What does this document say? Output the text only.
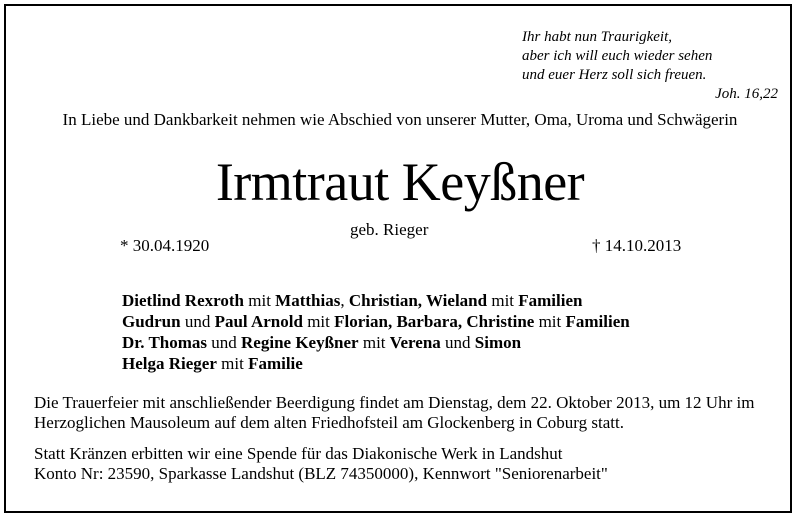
Ihr habt nun Traurigkeit,
aber ich will euch wieder sehen
und euer Herz soll sich freuen.
Joh. 16,22
In Liebe und Dankbarkeit nehmen wie Abschied von unserer Mutter, Oma, Uroma und Schwägerin
Irmtraut Keyßner
geb. Rieger
* 30.04.1920	† 14.10.2013
Dietlind Rexroth mit Matthias, Christian, Wieland mit Familien
Gudrun und Paul Arnold mit Florian, Barbara, Christine mit Familien
Dr. Thomas und Regine Keyßner mit Verena und Simon
Helga Rieger mit Familie
Die Trauerfeier mit anschließender Beerdigung findet am Dienstag, dem 22. Oktober 2013, um 12 Uhr im Herzoglichen Mausoleum auf dem alten Friedhofsteil am Glockenberg in Coburg statt.
Statt Kränzen erbitten wir eine Spende für das Diakonische Werk in Landshut
Konto Nr: 23590, Sparkasse Landshut (BLZ 74350000), Kennwort "Seniorenarbeit"
